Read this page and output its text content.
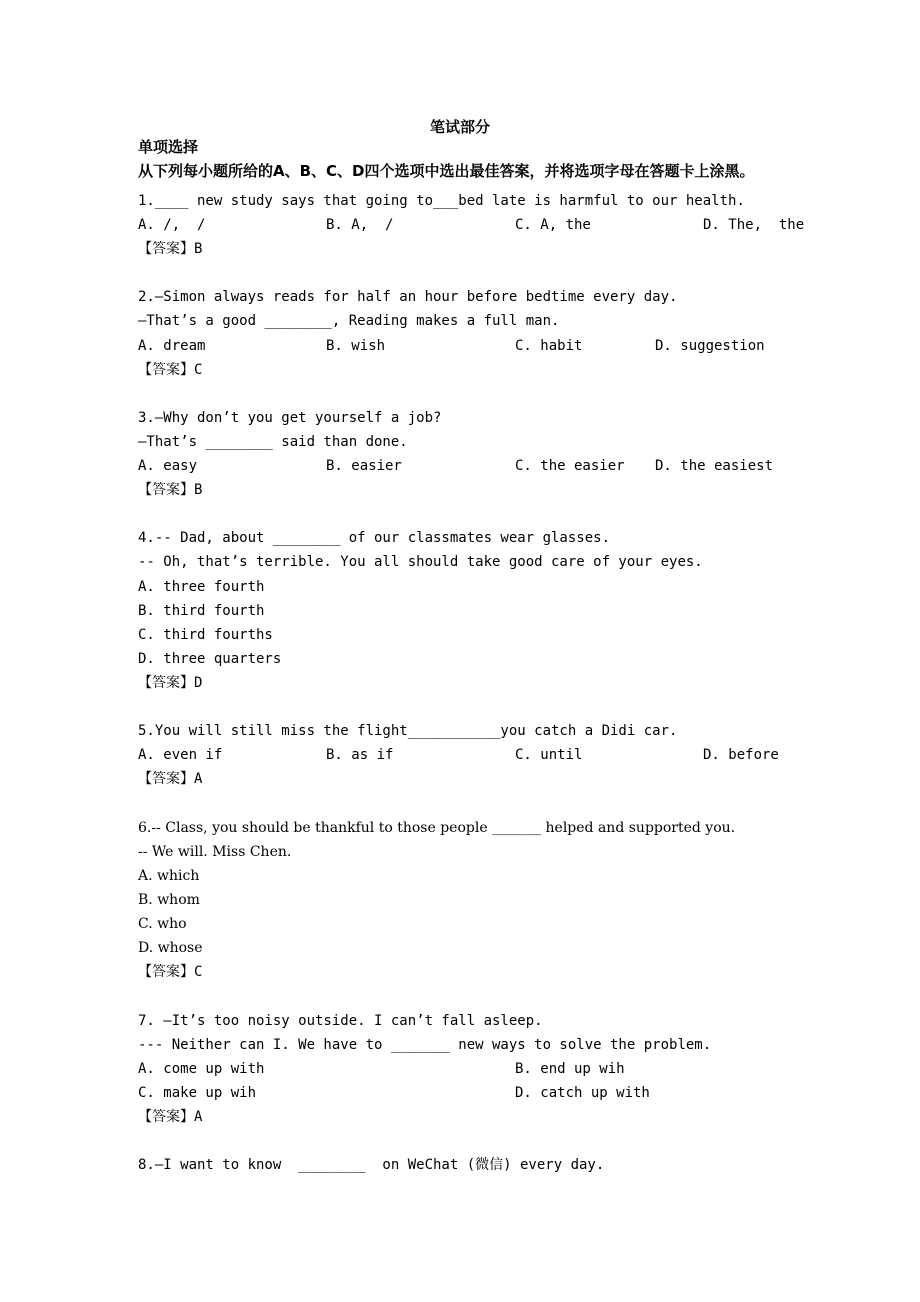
笔试部分
单项选择
从下列每小题所给的A、B、C、D四个选项中选出最佳答案，并将选项字母在答题卡上涂黑。
1.____ new study says that going to___bed late is harmful to our health.
A. /,  /	B. A,  /	C. A, the	D. The,  the
【答案】B
2.—Simon always reads for half an hour before bedtime every day.
—That’s a good ________, Reading makes a full man.
A. dream	B. wish	C. habit	D. suggestion
【答案】C
3.—Why don’t you get yourself a job?
—That’s ________ said than done.
A. easy	B. easier	C. the easier D. the easiest
【答案】B
4.-- Dad, about ________ of our classmates wear glasses.
-- Oh, that’s terrible. You all should take good care of your eyes.
A. three fourth
B. third fourth
C. third fourths
D. three quarters
【答案】D
5.You will still miss the flight___________you catch a Didi car.
A. even if	B. as if	C. until	D. before
【答案】A
6.-- Class, you should be thankful to those people _______ helped and supported you.
-- We will. Miss Chen.
A. which
B. whom
C. who
D. whose
【答案】C
7. —It’s too noisy outside. I can’t fall asleep.
--- Neither can I. We have to _______ new ways to solve the problem.
A. come up with	B. end up wih
C. make up wih	D. catch up with
【答案】A
8.—I want to know  ________  on WeChat (微信) every day.
